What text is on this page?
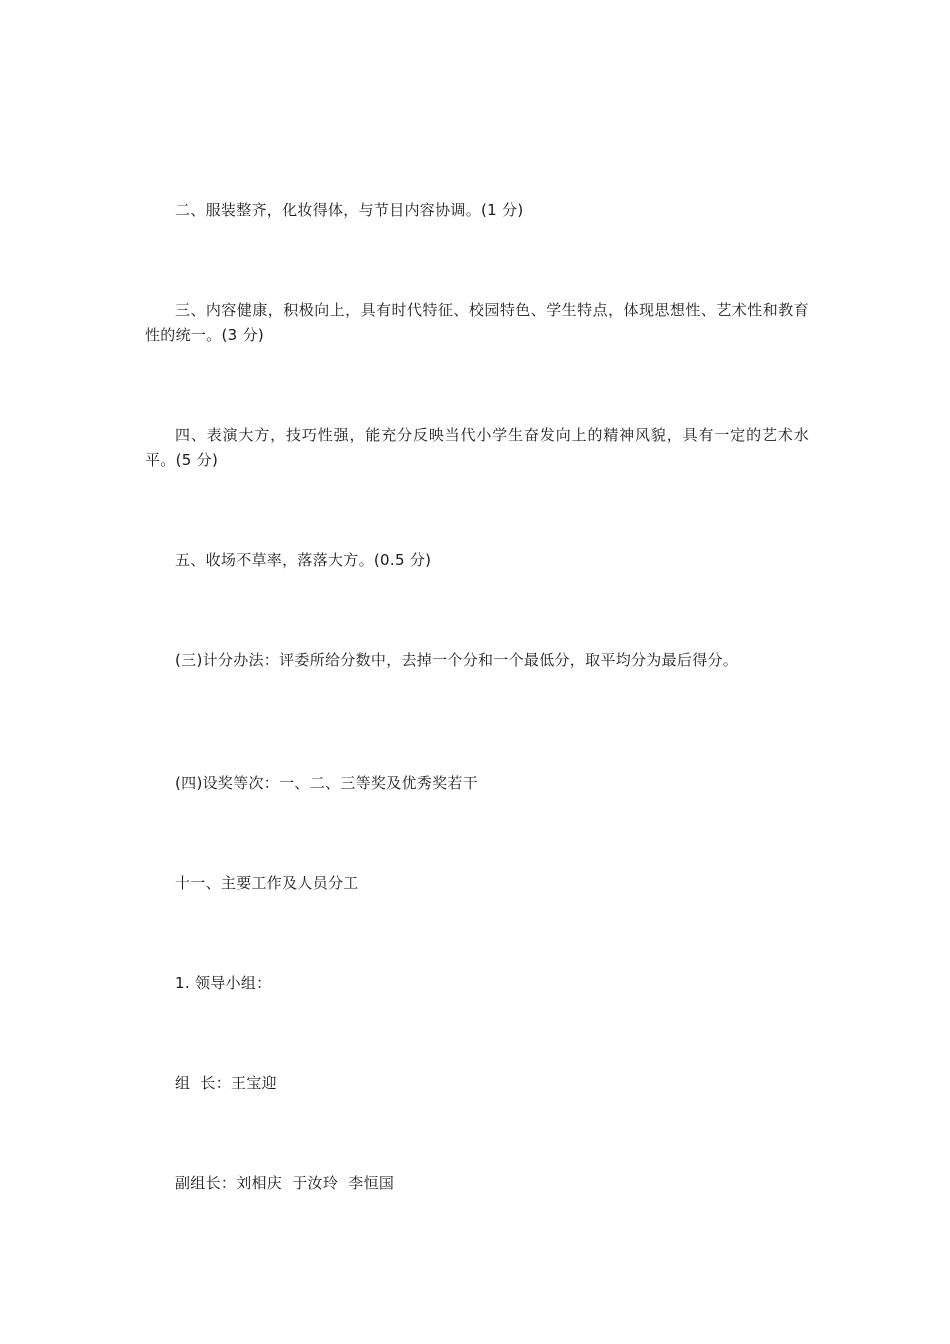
二、服装整齐，化妆得体，与节目内容协调。(1 分)

三、内容健康，积极向上，具有时代特征、校园特色、学生特点，体现思想性、艺术性和教育性的统一。(3 分)

四、表演大方，技巧性强，能充分反映当代小学生奋发向上的精神风貌，具有一定的艺术水平。(5 分)

五、收场不草率，落落大方。(0.5 分)

(三)计分办法：评委所给分数中，去掉一个分和一个最低分，取平均分为最后得分。

(四)设奖等次：一、二、三等奖及优秀奖若干

十一、主要工作及人员分工

1. 领导小组：

组  长：王宝迎

副组长：刘相庆  于汝玲  李恒国
